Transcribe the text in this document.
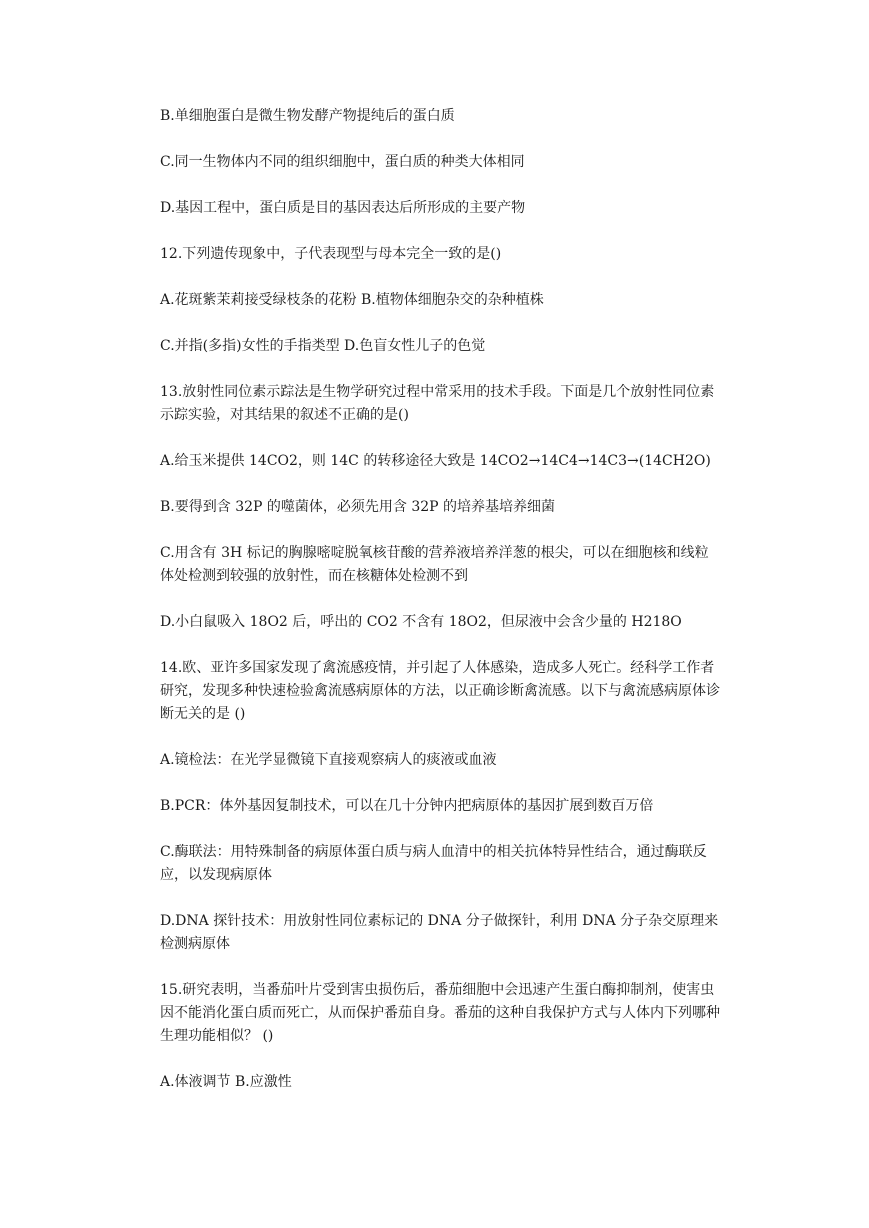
B.单细胞蛋白是微生物发酵产物提纯后的蛋白质

C.同一生物体内不同的组织细胞中，蛋白质的种类大体相同

D.基因工程中，蛋白质是目的基因表达后所形成的主要产物

12.下列遗传现象中，子代表现型与母本完全一致的是()

A.花斑紫茉莉接受绿枝条的花粉 B.植物体细胞杂交的杂种植株

C.并指(多指)女性的手指类型 D.色盲女性儿子的色觉

13.放射性同位素示踪法是生物学研究过程中常采用的技术手段。下面是几个放射性同位素示踪实验，对其结果的叙述不正确的是()

A.给玉米提供 14CO2，则 14C 的转移途径大致是 14CO2→14C4→14C3→(14CH2O)

B.要得到含 32P 的噬菌体，必须先用含 32P 的培养基培养细菌

C.用含有 3H 标记的胸腺嘧啶脱氧核苷酸的营养液培养洋葱的根尖，可以在细胞核和线粒体处检测到较强的放射性，而在核糖体处检测不到

D.小白鼠吸入 18O2 后，呼出的 CO2 不含有 18O2，但尿液中会含少量的 H218O

14.欧、亚许多国家发现了禽流感疫情，并引起了人体感染，造成多人死亡。经科学工作者研究，发现多种快速检验禽流感病原体的方法，以正确诊断禽流感。以下与禽流感病原体诊断无关的是 ()

A.镜检法：在光学显微镜下直接观察病人的痰液或血液

B.PCR：体外基因复制技术，可以在几十分钟内把病原体的基因扩展到数百万倍

C.酶联法：用特殊制备的病原体蛋白质与病人血清中的相关抗体特异性结合，通过酶联反应，以发现病原体

D.DNA 探针技术：用放射性同位素标记的 DNA 分子做探针，利用 DNA 分子杂交原理来检测病原体

15.研究表明，当番茄叶片受到害虫损伤后，番茄细胞中会迅速产生蛋白酶抑制剂，使害虫因不能消化蛋白质而死亡，从而保护番茄自身。番茄的这种自我保护方式与人体内下列哪种生理功能相似？ ()

A.体液调节 B.应激性
